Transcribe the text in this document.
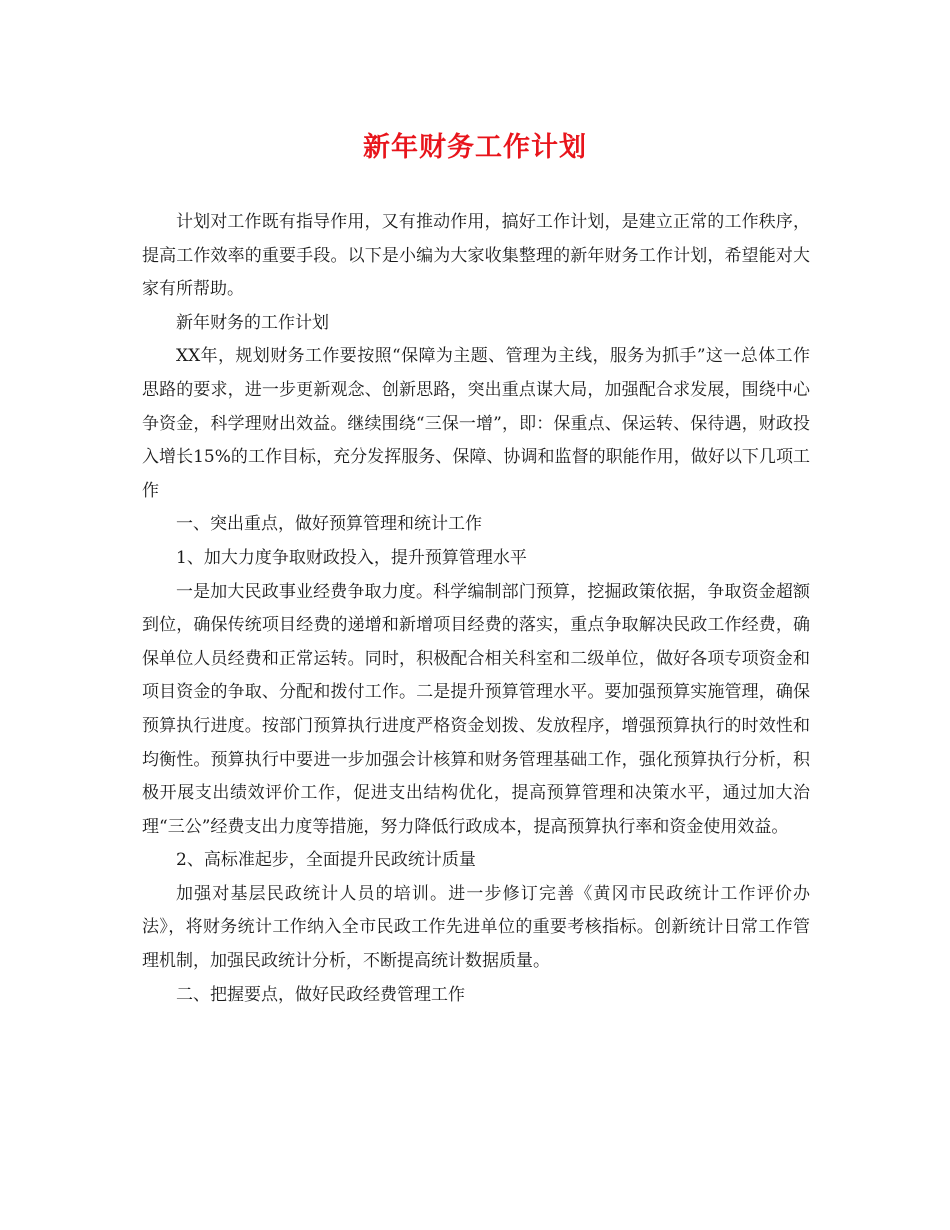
新年财务工作计划

计划对工作既有指导作用，又有推动作用，搞好工作计划，是建立正常的工作秩序，提高工作效率的重要手段。以下是小编为大家收集整理的新年财务工作计划，希望能对大家有所帮助。

新年财务的工作计划

XX年，规划财务工作要按照“保障为主题、管理为主线，服务为抓手”这一总体工作思路的要求，进一步更新观念、创新思路，突出重点谋大局，加强配合求发展，围绕中心争资金，科学理财出效益。继续围绕“三保一增”，即：保重点、保运转、保待遇，财政投入增长15%的工作目标，充分发挥服务、保障、协调和监督的职能作用，做好以下几项工作

一、突出重点，做好预算管理和统计工作

1、加大力度争取财政投入，提升预算管理水平

一是加大民政事业经费争取力度。科学编制部门预算，挖掘政策依据，争取资金超额到位，确保传统项目经费的递增和新增项目经费的落实，重点争取解决民政工作经费，确保单位人员经费和正常运转。同时，积极配合相关科室和二级单位，做好各项专项资金和项目资金的争取、分配和拨付工作。二是提升预算管理水平。要加强预算实施管理，确保预算执行进度。按部门预算执行进度严格资金划拨、发放程序，增强预算执行的时效性和均衡性。预算执行中要进一步加强会计核算和财务管理基础工作，强化预算执行分析，积极开展支出绩效评价工作，促进支出结构优化，提高预算管理和决策水平，通过加大治理“三公”经费支出力度等措施，努力降低行政成本，提高预算执行率和资金使用效益。

2、高标准起步，全面提升民政统计质量

加强对基层民政统计人员的培训。进一步修订完善《黄冈市民政统计工作评价办法》，将财务统计工作纳入全市民政工作先进单位的重要考核指标。创新统计日常工作管理机制，加强民政统计分析，不断提高统计数据质量。

二、把握要点，做好民政经费管理工作
